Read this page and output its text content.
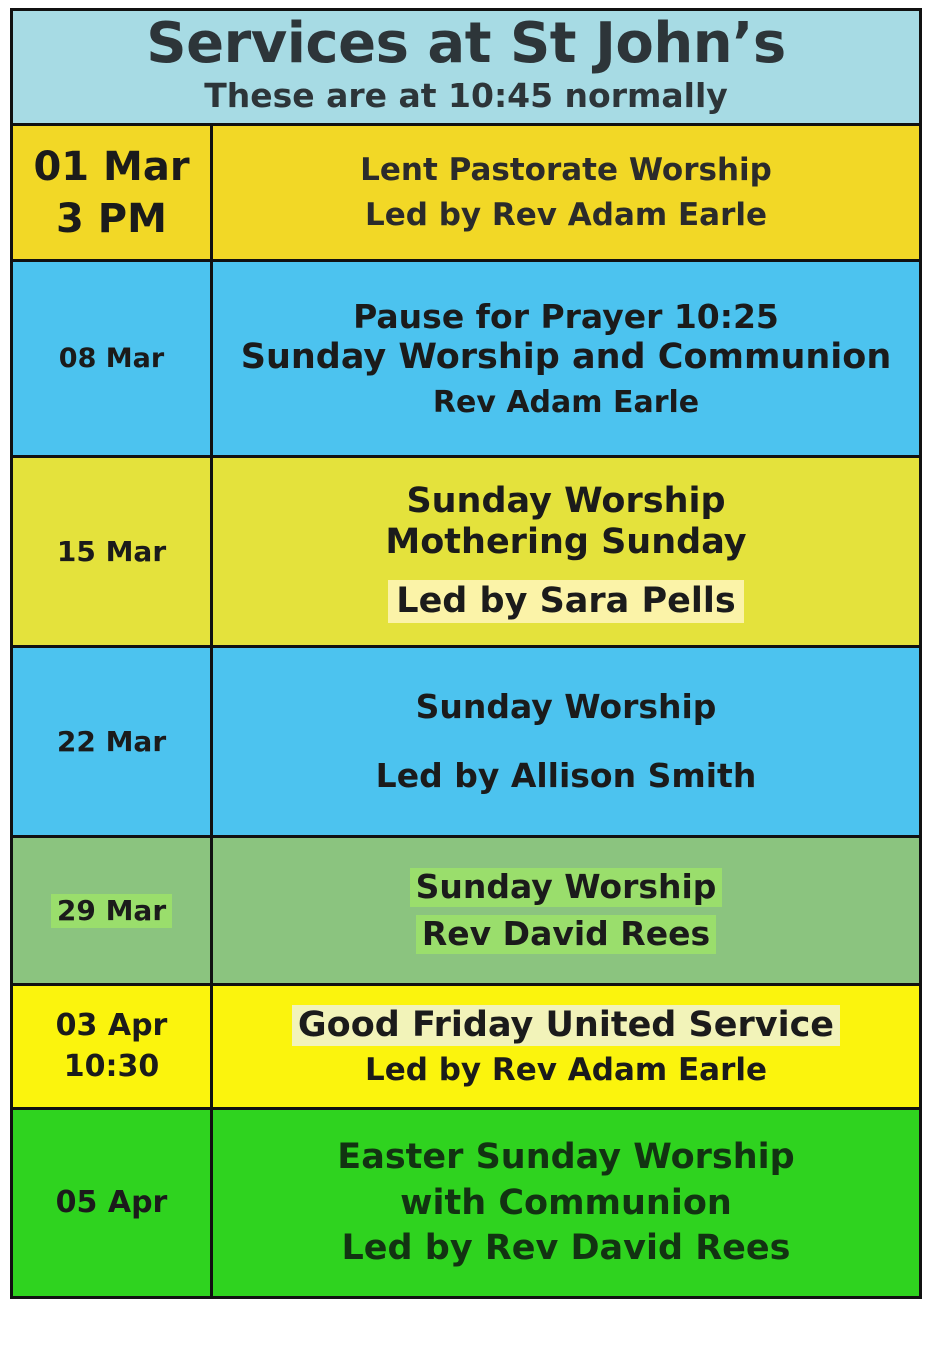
Services at St John’s
These are at 10:45 normally
01 Mar
3 PM
Lent Pastorate Worship
Led by Rev Adam Earle
08 Mar
Pause for Prayer 10:25
Sunday Worship and Communion
Rev Adam Earle
15 Mar
Sunday Worship
Mothering Sunday
Led by Sara Pells
22 Mar
Sunday Worship
Led by Allison Smith
29 Mar
Sunday Worship
Rev David Rees
03 Apr
10:30
Good Friday United Service
Led by Rev Adam Earle
05 Apr
Easter Sunday Worship
with Communion
Led by Rev David Rees
